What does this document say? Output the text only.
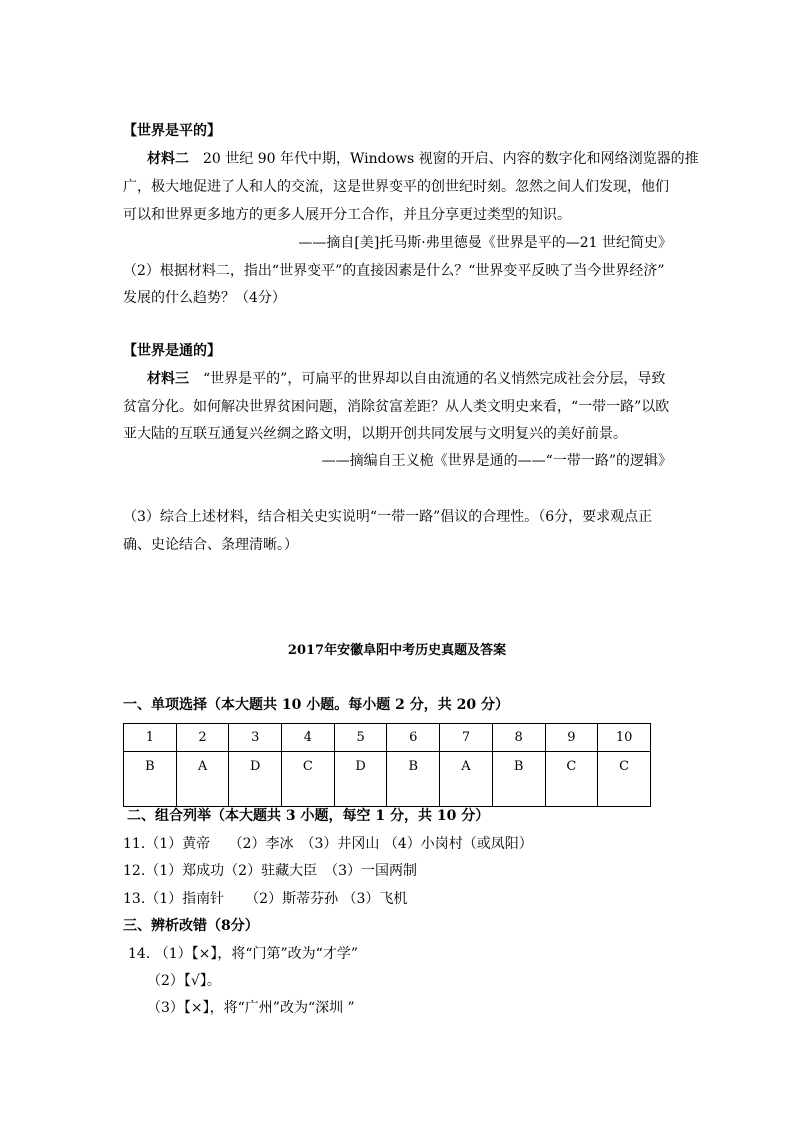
【世界是平的】
材料二 20 世纪 90 年代中期，Windows 视窗的开启、内容的数字化和网络浏览器的推
广，极大地促进了人和人的交流，这是世界变平的创世纪时刻。忽然之间人们发现，他们
可以和世界更多地方的更多人展开分工合作，并且分享更过类型的知识。
——摘自[美]托马斯·弗里德曼《世界是平的—21 世纪简史》
（2）根据材料二，指出“世界变平”的直接因素是什么？“世界变平反映了当今世界经济”
发展的什么趋势？（4分）
【世界是通的】
材料三 “世界是平的”，可扁平的世界却以自由流通的名义悄然完成社会分层，导致
贫富分化。如何解决世界贫困问题，消除贫富差距？从人类文明史来看，“一带一路”以欧
亚大陆的互联互通复兴丝绸之路文明，以期开创共同发展与文明复兴的美好前景。
——摘编自王义桅《世界是通的——“一带一路”的逻辑》
（3）综合上述材料，结合相关史实说明“一带一路”倡议的合理性。（6分，要求观点正
确、史论结合、条理清晰。）
2017年安徽阜阳中考历史真题及答案
一、单项选择（本大题共 10 小题。每小题 2 分，共 20 分）
1	2	3	4	5	6	7	8	9	10
B	A	D	C	D	B	A	B	C	C
二、组合列举（本大题共 3 小题，每空 1 分，共 10 分）
11.（1）黄帝　 （2）李冰　（3）井冈山 （4）小岗村（或凤阳）
12.（1）郑成功（2）驻藏大臣　（3）一国两制
13.（1）指南针　　（2）斯蒂芬孙 （3）飞机
三、辨析改错（8分）
14. （1）【×】，将“门第”改为“才学”
（2）【√】。
（3）【×】，将“广州”改为“深圳 ”
